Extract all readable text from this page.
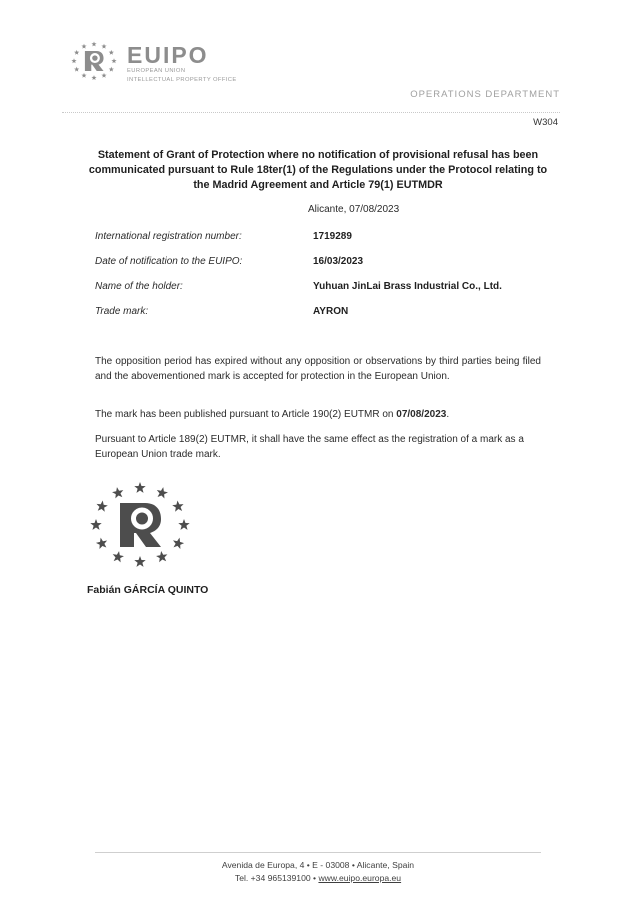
EUIPO
EUROPEAN UNION
INTELLECTUAL PROPERTY OFFICE
OPERATIONS DEPARTMENT
W304
Statement of Grant of Protection where no notification of provisional refusal has been communicated pursuant to Rule 18ter(1) of the Regulations under the Protocol relating to the Madrid Agreement and Article 79(1) EUTMDR
Alicante, 07/08/2023
International registration number:	1719289
Date of notification to the EUIPO:	16/03/2023
Name of the holder:	Yuhuan JinLai Brass Industrial Co., Ltd.
Trade mark:	AYRON
The opposition period has expired without any opposition or observations by third parties being filed and the abovementioned mark is accepted for protection in the European Union.
The mark has been published pursuant to Article 190(2) EUTMR on 07/08/2023.
Pursuant to Article 189(2) EUTMR, it shall have the same effect as the registration of a mark as a European Union trade mark.
Fabián GÁRCÍA QUINTO
Avenida de Europa, 4 • E - 03008 • Alicante, Spain
Tel. +34 965139100 • www.euipo.europa.eu
